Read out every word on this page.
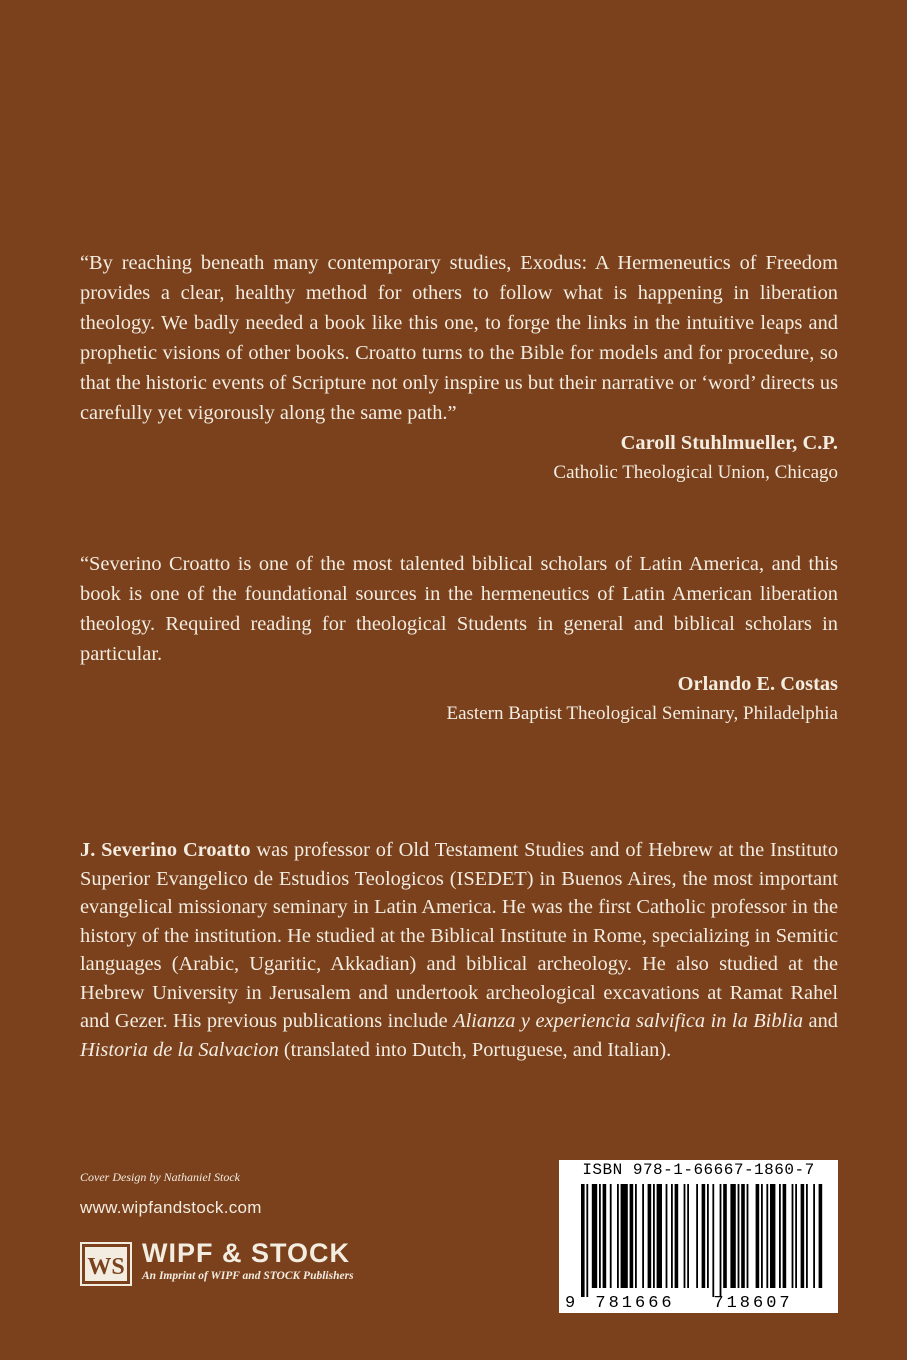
“By reaching beneath many contemporary studies, Exodus: A Hermeneutics of Freedom provides a clear, healthy method for others to follow what is happening in liberation theology. We badly needed a book like this one, to forge the links in the intuitive leaps and prophetic visions of other books. Croatto turns to the Bible for models and for procedure, so that the historic events of Scripture not only inspire us but their narrative or ‘word’ directs us carefully yet vigorously along the same path.”

Caroll Stuhlmueller, C.P.
Catholic Theological Union, Chicago

“Severino Croatto is one of the most talented biblical scholars of Latin America, and this book is one of the foundational sources in the hermeneutics of Latin American liberation theology. Required reading for theological Students in general and biblical scholars in particular.

Orlando E. Costas
Eastern Baptist Theological Seminary, Philadelphia

J. Severino Croatto was professor of Old Testament Studies and of Hebrew at the Instituto Superior Evangelico de Estudios Teologicos (ISEDET) in Buenos Aires, the most important evangelical missionary seminary in Latin America. He was the first Catholic professor in the history of the institution. He studied at the Biblical Institute in Rome, specializing in Semitic languages (Arabic, Ugaritic, Akkadian) and biblical archeology. He also studied at the Hebrew University in Jerusalem and undertook archeological excavations at Ramat Rahel and Gezer. His previous publications include Alianza y experiencia salvifica in la Biblia and Historia de la Salvacion (translated into Dutch, Portuguese, and Italian).

Cover Design by Nathaniel Stock
www.wipfandstock.com
WS WIPF & STOCK
An Imprint of WIPF and STOCK Publishers
9 781666 718607
ISBN 978-1-66667-1860-7
